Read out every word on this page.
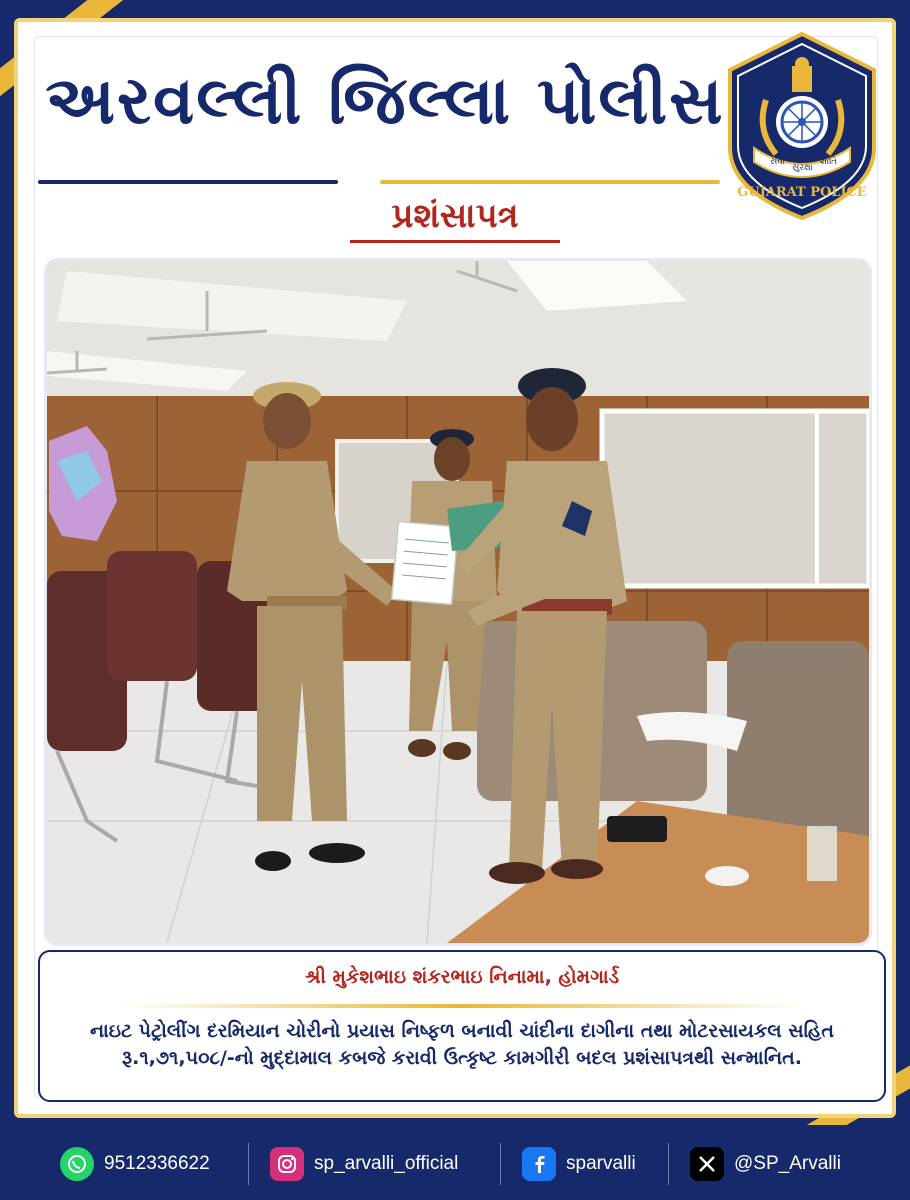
અરવલ્લી જિલ્લા પોલીસ
પ્રશંસાપત્ર
સેવા
સુરક્ષા
શાંતિ
GUJARAT POLICE
શ્રી મુકેશભાઇ શંકરભાઇ નિનામા, હોમગાર્ડ
નાઇટ પેટ્રોલીંગ દરમિયાન ચોરીનો પ્રયાસ નિષ્ફળ બનાવી ચાંદીના દાગીના તથા મોટરસાયકલ સહિત
રૂ.૧,૭૧,૫૦૮/-નો મુદ્દામાલ કબજે કરાવી ઉત્કૃષ્ટ કામગીરી બદલ પ્રશંસાપત્રથી સન્માનિત.
9512336622	sp_arvalli_official	sparvalli	@SP_Arvalli
